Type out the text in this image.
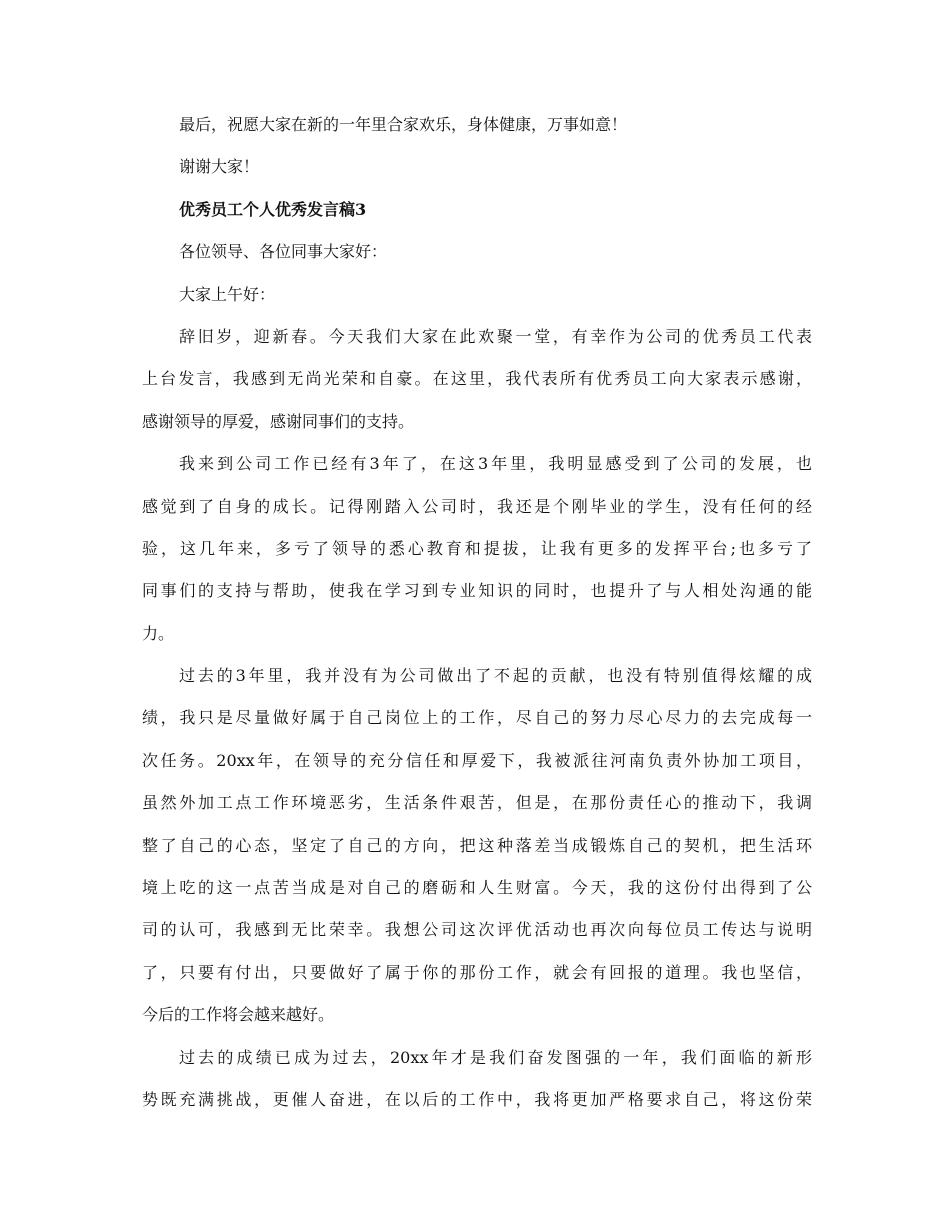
最后，祝愿大家在新的一年里合家欢乐，身体健康，万事如意！
谢谢大家！
优秀员工个人优秀发言稿3
各位领导、各位同事大家好：
大家上午好：
辞旧岁，迎新春。今天我们大家在此欢聚一堂，有幸作为公司的优秀员工代表
上台发言，我感到无尚光荣和自豪。在这里，我代表所有优秀员工向大家表示感谢，
感谢领导的厚爱，感谢同事们的支持。
我来到公司工作已经有3年了，在这3年里，我明显感受到了公司的发展，也
感觉到了自身的成长。记得刚踏入公司时，我还是个刚毕业的学生，没有任何的经
验，这几年来，多亏了领导的悉心教育和提拔，让我有更多的发挥平台;也多亏了
同事们的支持与帮助，使我在学习到专业知识的同时，也提升了与人相处沟通的能
力。
过去的3年里，我并没有为公司做出了不起的贡献，也没有特别值得炫耀的成
绩，我只是尽量做好属于自己岗位上的工作，尽自己的努力尽心尽力的去完成每一
次任务。20xx年，在领导的充分信任和厚爱下，我被派往河南负责外协加工项目，
虽然外加工点工作环境恶劣，生活条件艰苦，但是，在那份责任心的推动下，我调
整了自己的心态，坚定了自己的方向，把这种落差当成锻炼自己的契机，把生活环
境上吃的这一点苦当成是对自己的磨砺和人生财富。今天，我的这份付出得到了公
司的认可，我感到无比荣幸。我想公司这次评优活动也再次向每位员工传达与说明
了，只要有付出，只要做好了属于你的那份工作，就会有回报的道理。我也坚信，
今后的工作将会越来越好。
过去的成绩已成为过去，20xx年才是我们奋发图强的一年，我们面临的新形
势既充满挑战，更催人奋进，在以后的工作中，我将更加严格要求自己，将这份荣
